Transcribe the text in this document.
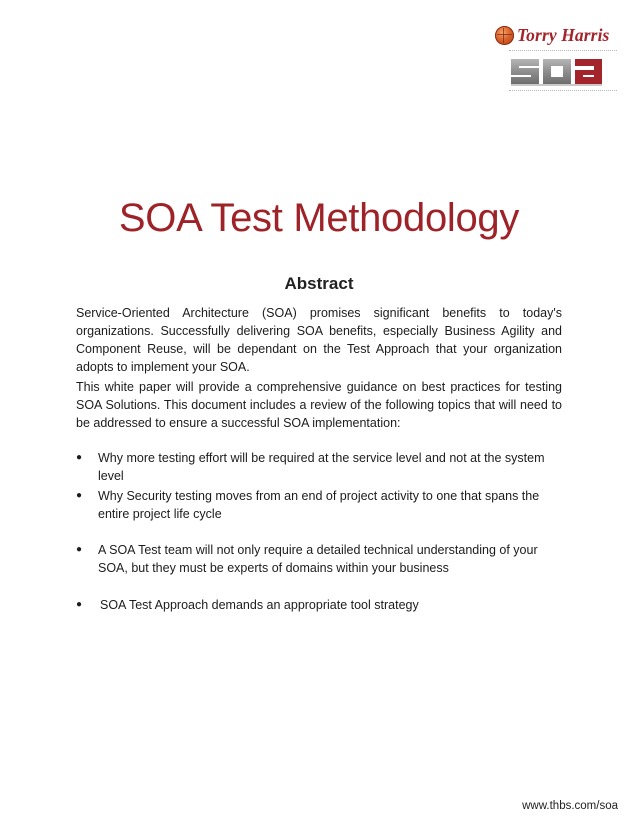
Torry Harris
SOA Test Methodology
Abstract

Service-Oriented Architecture (SOA) promises significant benefits to today's organizations. Successfully delivering SOA benefits, especially Business Agility and Component Reuse, will be dependant on the Test Approach that your organization adopts to implement your SOA.

This white paper will provide a comprehensive guidance on best practices for testing SOA Solutions. This document includes a review of the following topics that will need to be addressed to ensure a successful SOA implementation:

● Why more testing effort will be required at the service level and not at the system level
● Why Security testing moves from an end of project activity to one that spans the entire project life cycle
● A SOA Test team will not only require a detailed technical understanding of your SOA, but they must be experts of domains within your business
● SOA Test Approach demands an appropriate tool strategy
www.thbs.com/soa
